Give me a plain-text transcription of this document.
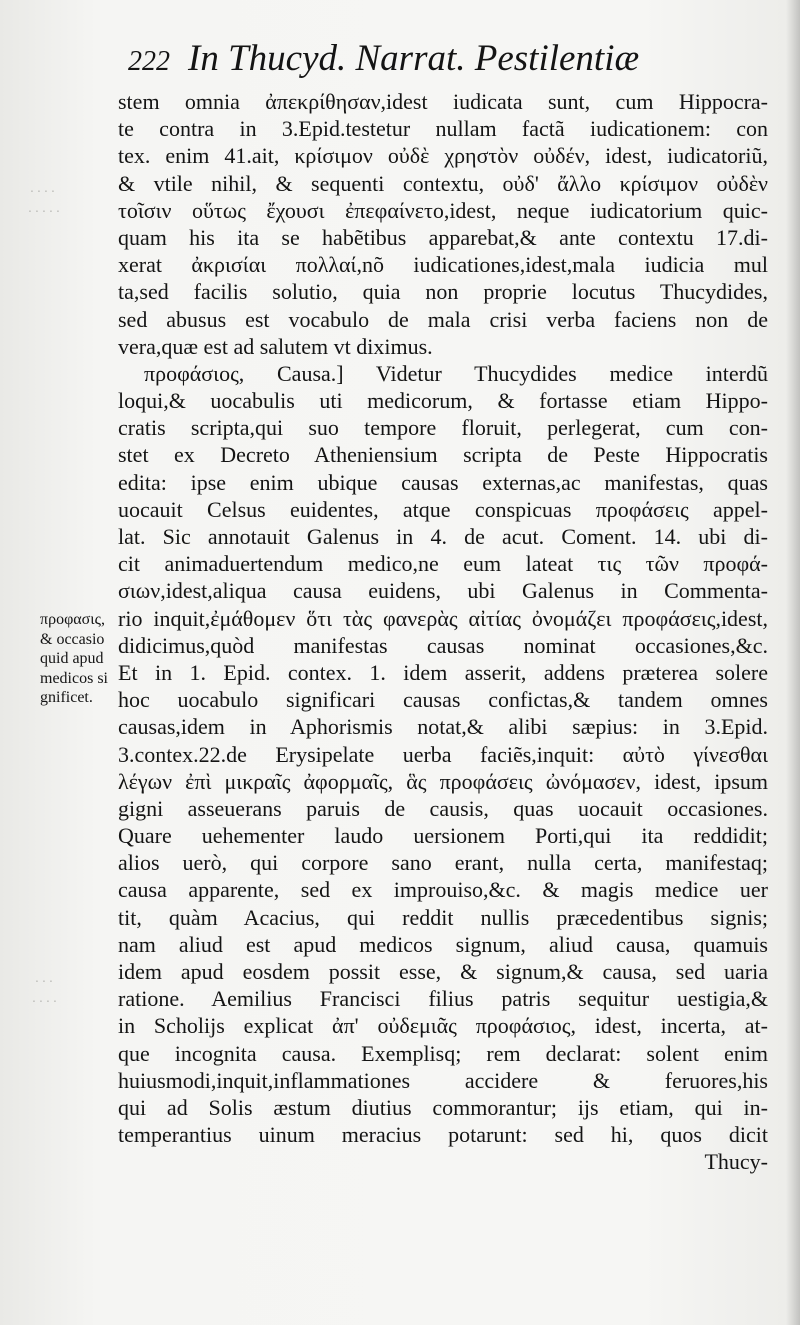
· · · ·
· · · · ·
· · ·
· · · ·
222 In Thucyd. Narrat. Pestilentiæ
προφασις,
& occasio
quid apud
medicos si
gnificet.
stem omnia ἀπεκρίθησαν,idest iudicata sunt, cum Hippocra-
te contra in 3.Epid.testetur nullam factã iudicationem: con
tex. enim 41.ait, κρίσιμον οὐδὲ χρηστὸν οὐδέν, idest, iudicatoriũ,
& vtile nihil, & sequenti contextu, οὐδ' ἄλλο κρίσιμον οὐδὲν
τοῖσιν οὕτως ἔχουσι ἐπεφαίνετο,idest, neque iudicatorium quic-
quam his ita se habẽtibus apparebat,& ante contextu 17.di-
xerat ἀκρισίαι πολλαί,nõ iudicationes,idest,mala iudicia mul
ta,sed facilis solutio, quia non proprie locutus Thucydides,
sed abusus est vocabulo de mala crisi verba faciens non de
vera,quæ est ad salutem vt diximus.
προφάσιος, Causa.] Videtur Thucydides medice interdũ
loqui,& uocabulis uti medicorum, & fortasse etiam Hippo-
cratis scripta,qui suo tempore floruit, perlegerat, cum con-
stet ex Decreto Atheniensium scripta de Peste Hippocratis
edita: ipse enim ubique causas externas,ac manifestas, quas
uocauit Celsus euidentes, atque conspicuas προφάσεις appel-
lat. Sic annotauit Galenus in 4. de acut. Coment. 14. ubi di-
cit animaduertendum medico,ne eum lateat τις τῶν προφά-
σιων,idest,aliqua causa euidens, ubi Galenus in Commenta-
rio inquit,ἐμάθομεν ὅτι τὰς φανερὰς αἰτίας ὀνομάζει προφάσεις,idest,
didicimus,quòd manifestas causas nominat occasiones,&c.
Et in 1. Epid. contex. 1. idem asserit, addens præterea solere
hoc uocabulo significari causas confictas,& tandem omnes
causas,idem in Aphorismis notat,& alibi sæpius: in 3.Epid.
3.contex.22.de Erysipelate uerba faciẽs,inquit: αὐτὸ γίνεσθαι
λέγων ἐπὶ μικραῖς ἀφορμαῖς, ἃς προφάσεις ὠνόμασεν, idest, ipsum
gigni asseuerans paruis de causis, quas uocauit occasiones.
Quare uehementer laudo uersionem Porti,qui ita reddidit;
alios uerò, qui corpore sano erant, nulla certa, manifestaq;
causa apparente, sed ex improuiso,&c. & magis medice uer
tit, quàm Acacius, qui reddit nullis præcedentibus signis;
nam aliud est apud medicos signum, aliud causa, quamuis
idem apud eosdem possit esse, & signum,& causa, sed uaria
ratione. Aemilius Francisci filius patris sequitur uestigia,&
in Scholijs explicat ἀπ' οὐδεμιᾶς προφάσιος, idest, incerta, at-
que incognita causa. Exemplisq; rem declarat: solent enim
huiusmodi,inquit,inflammationes accidere & feruores,his
qui ad Solis æstum diutius commorantur; ijs etiam, qui in-
temperantius uinum meracius potarunt: sed hi, quos dicit
Thucy-
